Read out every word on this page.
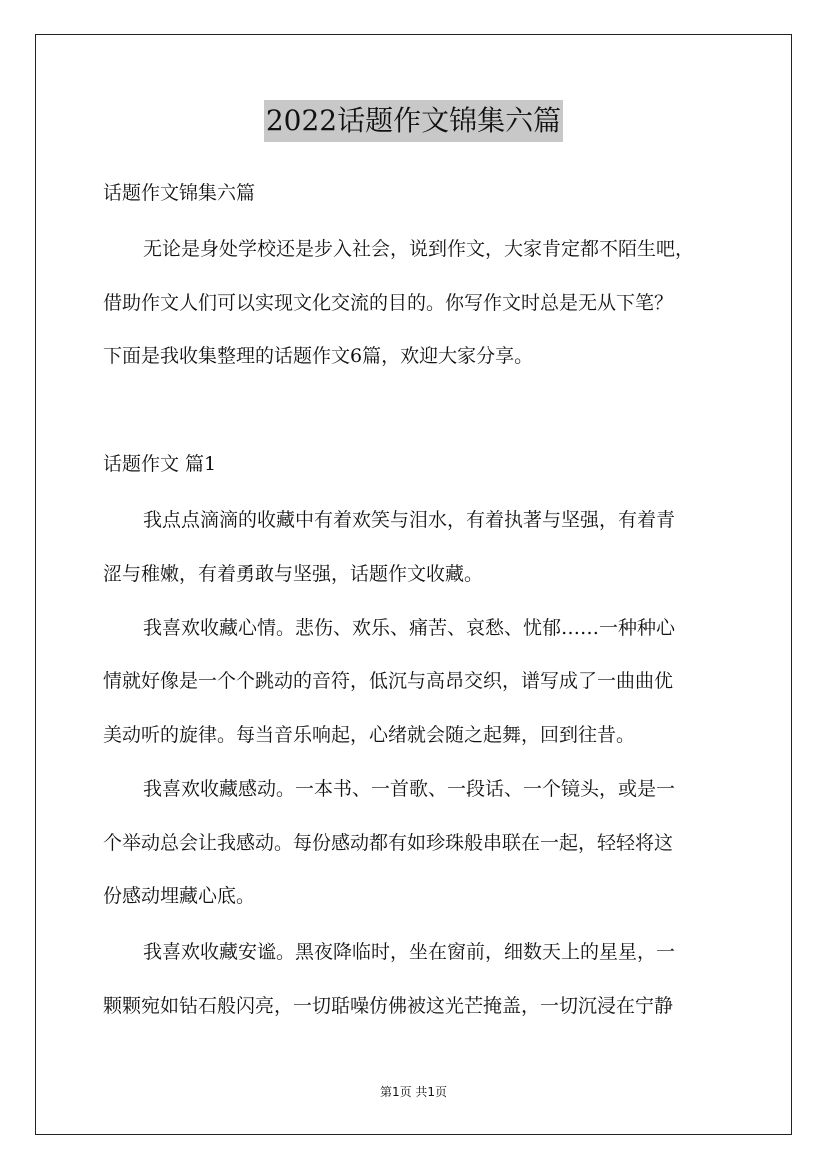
2022话题作文锦集六篇
话题作文锦集六篇
无论是身处学校还是步入社会，说到作文，大家肯定都不陌生吧，
借助作文人们可以实现文化交流的目的。你写作文时总是无从下笔？
下面是我收集整理的话题作文6篇，欢迎大家分享。
话题作文 篇1
我点点滴滴的收藏中有着欢笑与泪水，有着执著与坚强，有着青
涩与稚嫩，有着勇敢与坚强，话题作文收藏。
我喜欢收藏心情。悲伤、欢乐、痛苦、哀愁、忧郁……一种种心
情就好像是一个个跳动的音符，低沉与高昂交织，谱写成了一曲曲优
美动听的旋律。每当音乐响起，心绪就会随之起舞，回到往昔。
我喜欢收藏感动。一本书、一首歌、一段话、一个镜头，或是一
个举动总会让我感动。每份感动都有如珍珠般串联在一起，轻轻将这
份感动埋藏心底。
我喜欢收藏安谧。黑夜降临时，坐在窗前，细数天上的星星，一
颗颗宛如钻石般闪亮，一切聒噪仿佛被这光芒掩盖，一切沉浸在宁静
第1页 共1页
